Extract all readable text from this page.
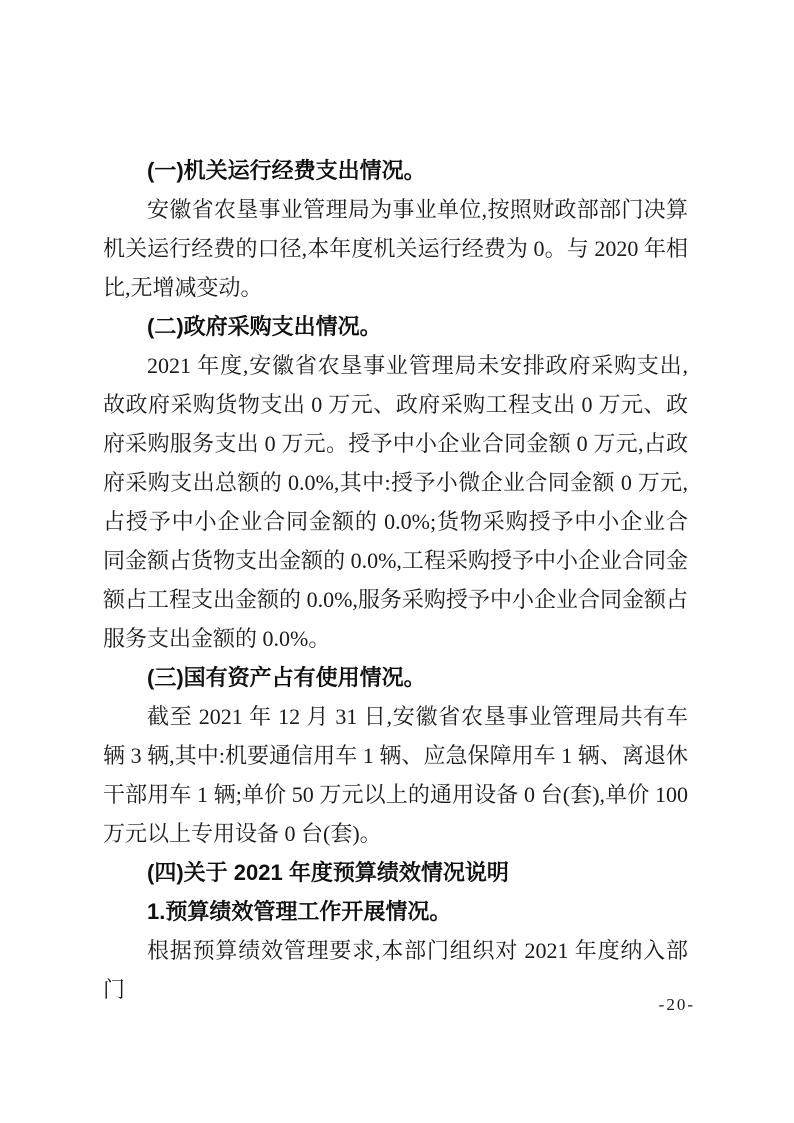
(一)机关运行经费支出情况。

安徽省农垦事业管理局为事业单位,按照财政部部门决算机关运行经费的口径,本年度机关运行经费为 0。与 2020 年相比,无增减变动。

(二)政府采购支出情况。

2021 年度,安徽省农垦事业管理局未安排政府采购支出,故政府采购货物支出 0 万元、政府采购工程支出 0 万元、政府采购服务支出 0 万元。授予中小企业合同金额 0 万元,占政府采购支出总额的 0.0%,其中:授予小微企业合同金额 0 万元,占授予中小企业合同金额的 0.0%;货物采购授予中小企业合同金额占货物支出金额的 0.0%,工程采购授予中小企业合同金额占工程支出金额的 0.0%,服务采购授予中小企业合同金额占服务支出金额的 0.0%。

(三)国有资产占有使用情况。

截至 2021 年 12 月 31 日,安徽省农垦事业管理局共有车辆 3 辆,其中:机要通信用车 1 辆、应急保障用车 1 辆、离退休干部用车 1 辆;单价 50 万元以上的通用设备 0 台(套),单价 100 万元以上专用设备 0 台(套)。

(四)关于 2021 年度预算绩效情况说明
1.预算绩效管理工作开展情况。

根据预算绩效管理要求,本部门组织对 2021 年度纳入部门

-20-
